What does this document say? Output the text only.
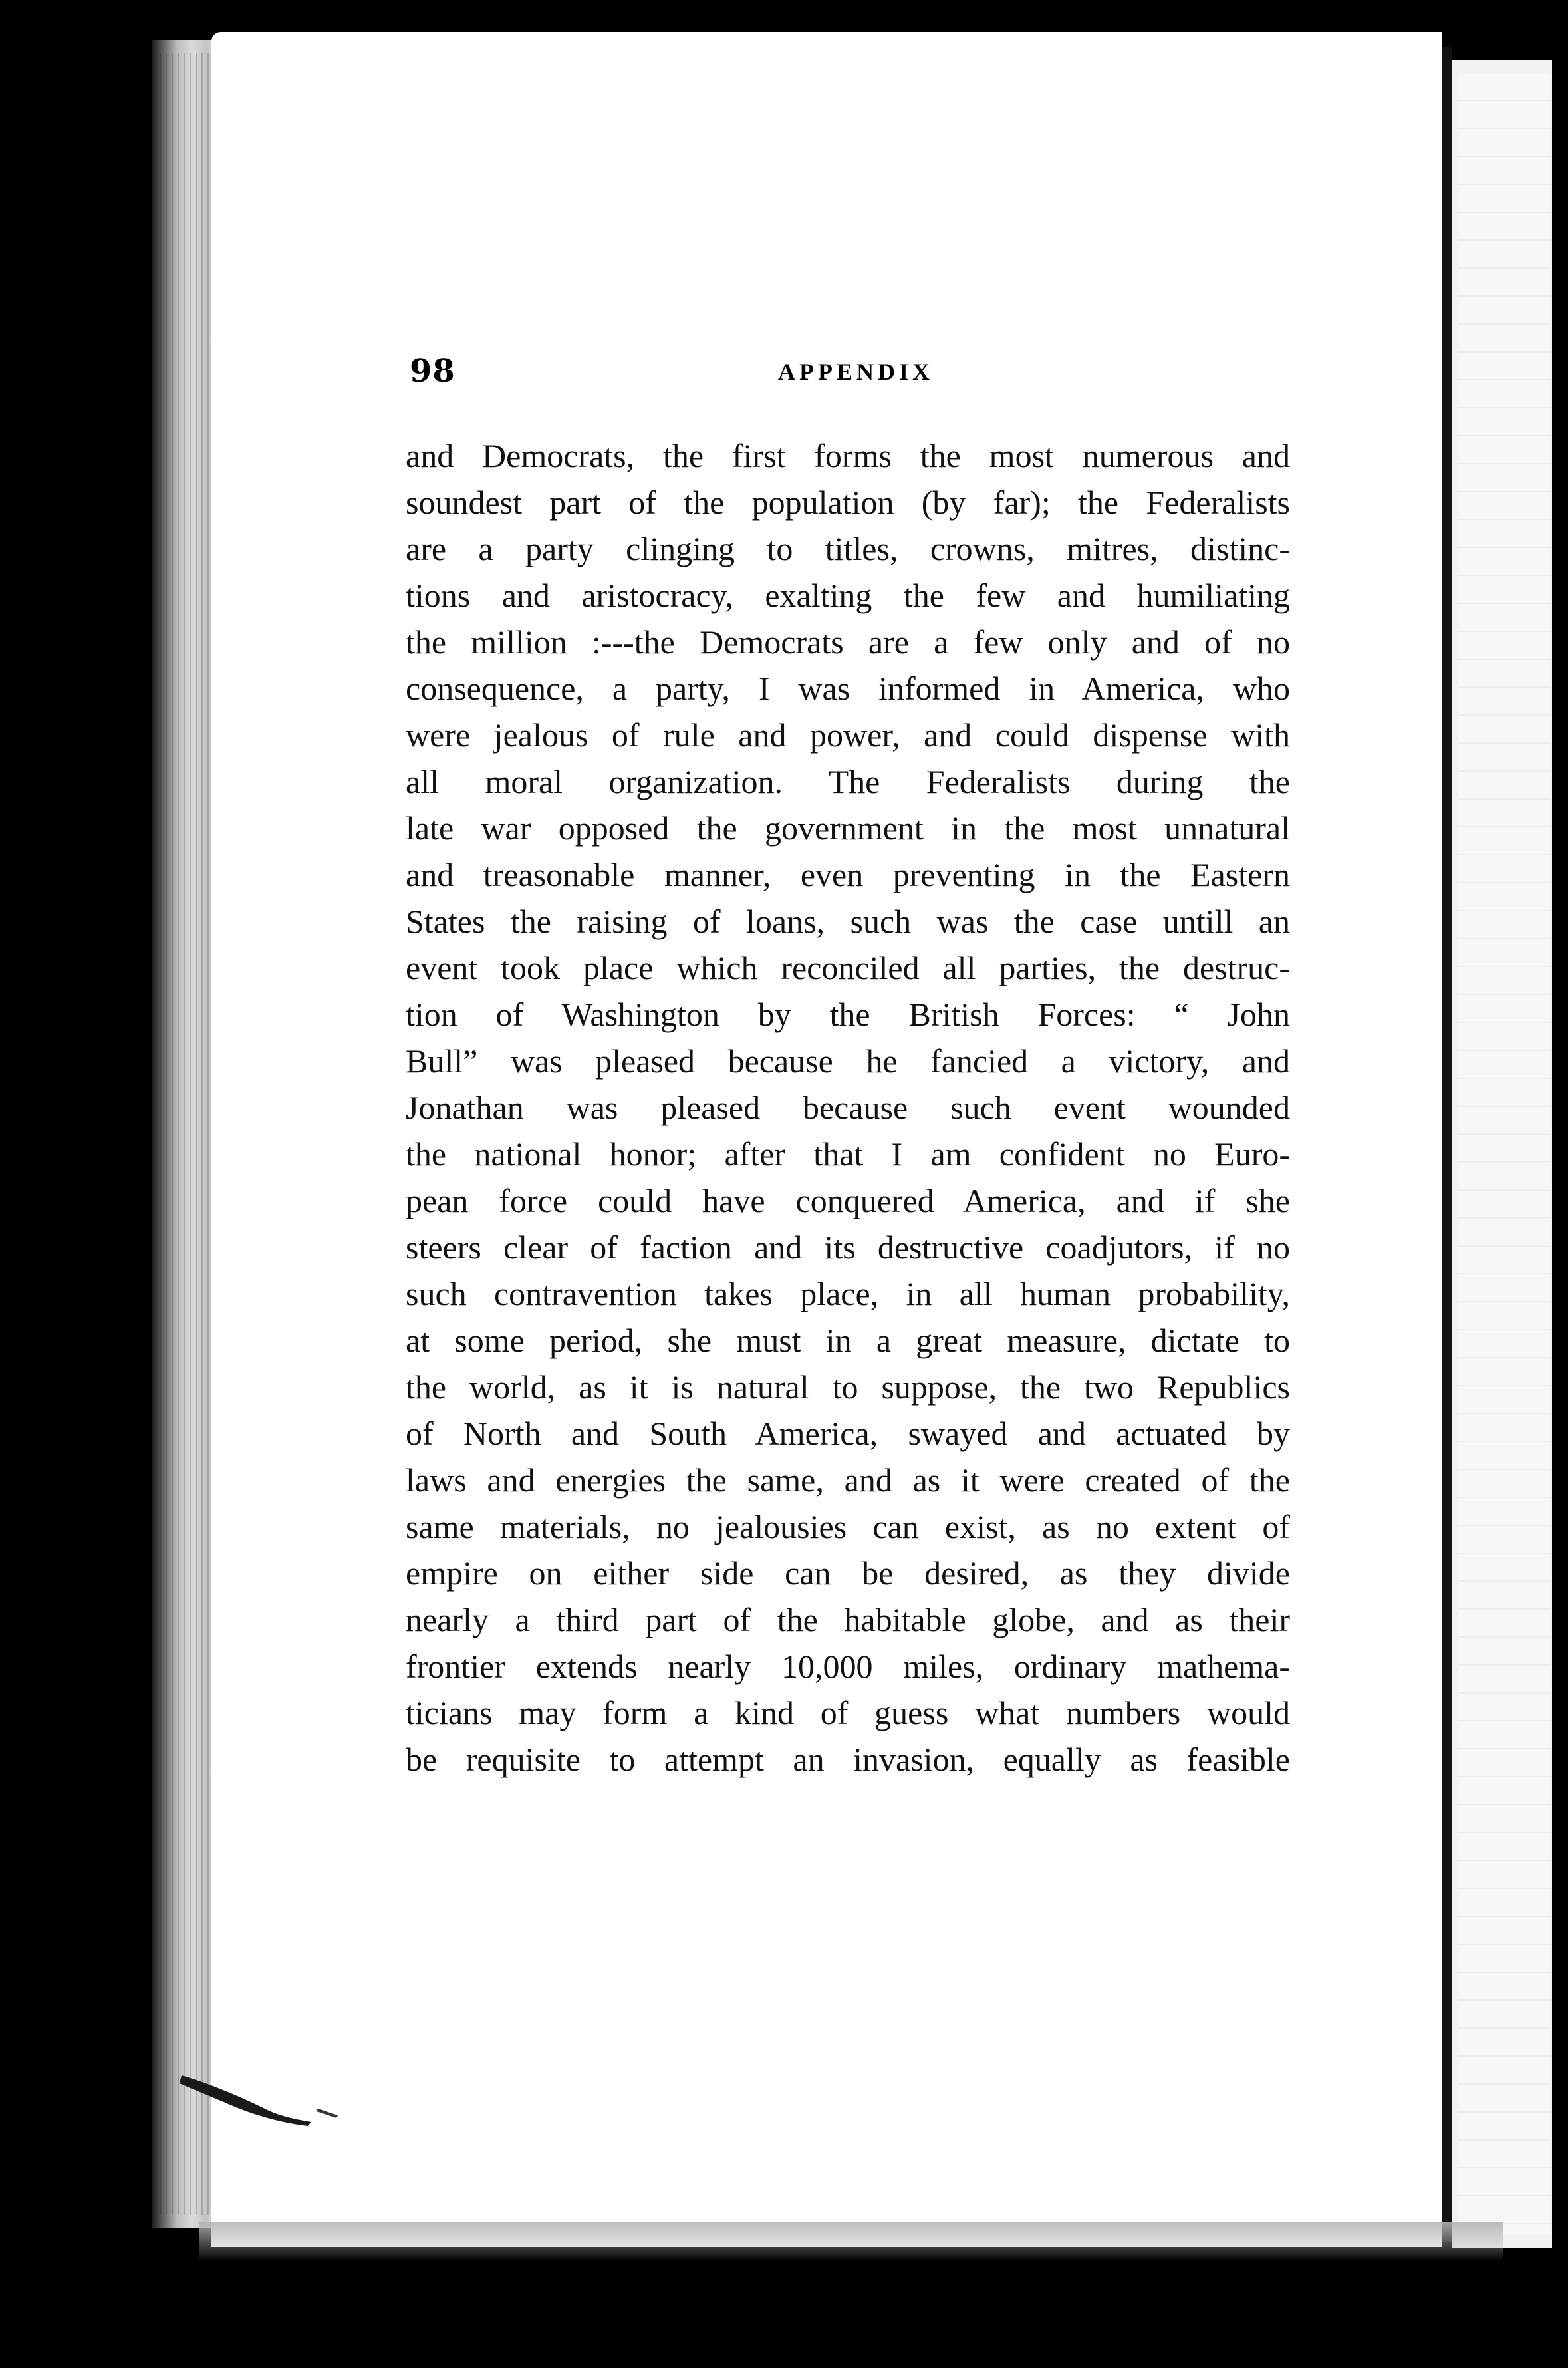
98	APPENDIX
and Democrats, the first forms the most numerous and
soundest part of the population (by far); the Federalists
are a party clinging to titles, crowns, mitres, distinc-
tions and aristocracy, exalting the few and humiliating
the million :---the Democrats are a few only and of no
consequence, a party, I was informed in America, who
were jealous of rule and power, and could dispense with
all moral organization. The Federalists during the
late war opposed the government in the most unnatural
and treasonable manner, even preventing in the Eastern
States the raising of loans, such was the case untill an
event took place which reconciled all parties, the destruc-
tion of Washington by the British Forces: “ John
Bull” was pleased because he fancied a victory, and
Jonathan was pleased because such event wounded
the national honor; after that I am confident no Euro-
pean force could have conquered America, and if she
steers clear of faction and its destructive coadjutors, if no
such contravention takes place, in all human probability,
at some period, she must in a great measure, dictate to
the world, as it is natural to suppose, the two Republics
of North and South America, swayed and actuated by
laws and energies the same, and as it were created of the
same materials, no jealousies can exist, as no extent of
empire on either side can be desired, as they divide
nearly a third part of the habitable globe, and as their
frontier extends nearly 10,000 miles, ordinary mathema-
ticians may form a kind of guess what numbers would
be requisite to attempt an invasion, equally as feasible
